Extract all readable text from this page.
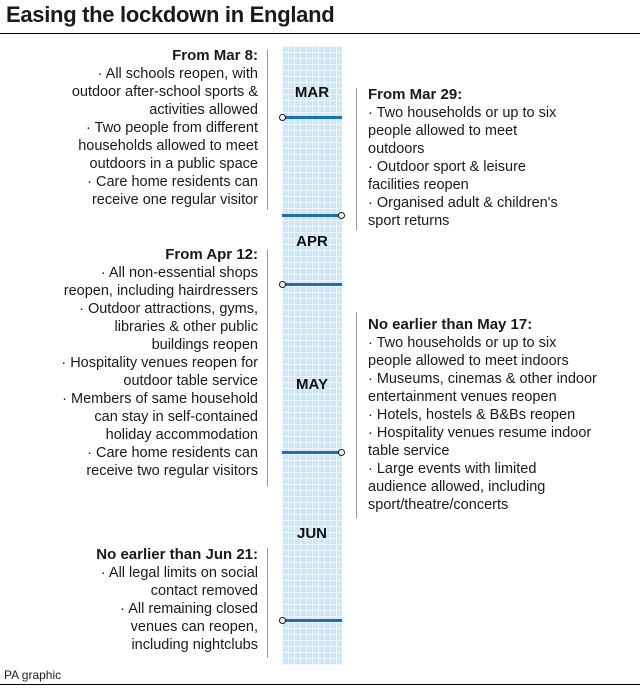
Easing the lockdown in England
MAR
APR
MAY
JUN
From Mar 8:
· All schools reopen, with
outdoor after-school sports &
activities allowed
· Two people from different
households allowed to meet
outdoors in a public space
· Care home residents can
receive one regular visitor
From Mar 29:
· Two households or up to six
people allowed to meet
outdoors
· Outdoor sport & leisure
facilities reopen
· Organised adult & children's
sport returns
From Apr 12:
· All non-essential shops
reopen, including hairdressers
· Outdoor attractions, gyms,
libraries & other public
buildings reopen
· Hospitality venues reopen for
outdoor table service
· Members of same household
can stay in self-contained
holiday accommodation
· Care home residents can
receive two regular visitors
No earlier than May 17:
· Two households or up to six
people allowed to meet indoors
· Museums, cinemas & other indoor
entertainment venues reopen
· Hotels, hostels & B&Bs reopen
· Hospitality venues resume indoor
table service
· Large events with limited
audience allowed, including
sport/theatre/concerts
No earlier than Jun 21:
· All legal limits on social
contact removed
· All remaining closed
venues can reopen,
including nightclubs
PA graphic
